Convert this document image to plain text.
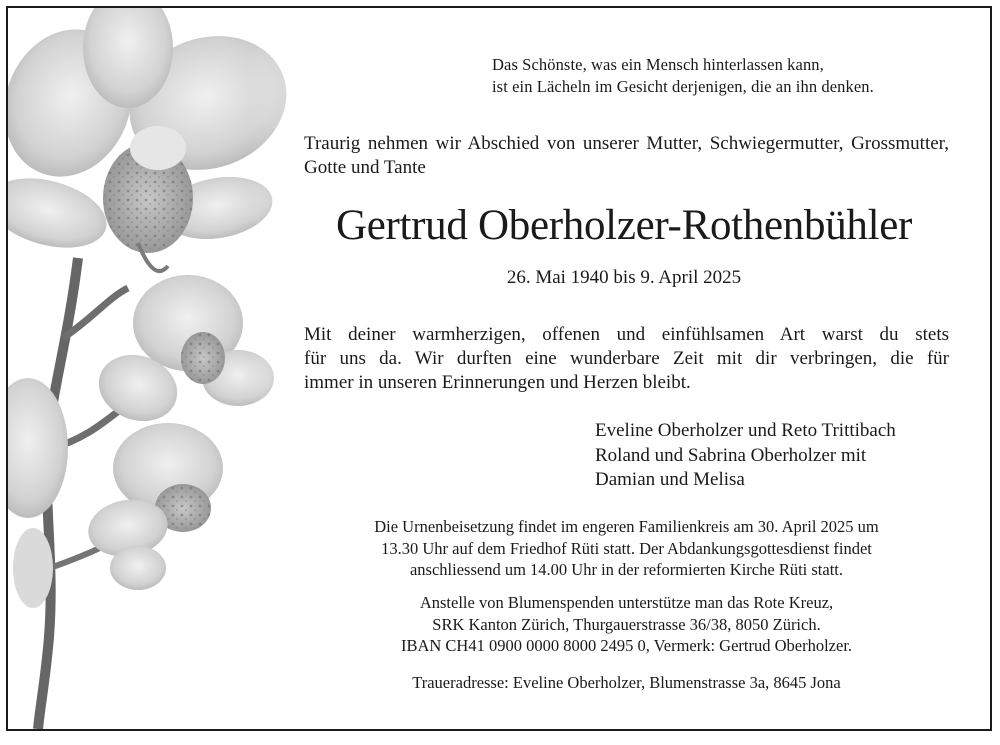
Das Schönste, was ein Mensch hinterlassen kann,
ist ein Lächeln im Gesicht derjenigen, die an ihn denken.
Traurig nehmen wir Abschied von unserer Mutter, Schwiegermutter, Grossmutter, Gotte und Tante
Gertrud Oberholzer-Rothenbühler
26. Mai 1940 bis 9. April 2025
Mit deiner warmherzigen, offenen und einfühlsamen Art warst du stets
für uns da. Wir durften eine wunderbare Zeit mit dir verbringen, die für
immer in unseren Erinnerungen und Herzen bleibt.
Eveline Oberholzer und Reto Trittibach
Roland und Sabrina Oberholzer mit
Damian und Melisa
Die Urnenbeisetzung findet im engeren Familienkreis am 30. April 2025 um
13.30 Uhr auf dem Friedhof Rüti statt. Der Abdankungsgottesdienst findet
anschliessend um 14.00 Uhr in der reformierten Kirche Rüti statt.
Anstelle von Blumenspenden unterstütze man das Rote Kreuz,
SRK Kanton Zürich, Thurgauerstrasse 36/38, 8050 Zürich.
IBAN CH41 0900 0000 8000 2495 0, Vermerk: Gertrud Oberholzer.
Traueradresse: Eveline Oberholzer, Blumenstrasse 3a, 8645 Jona
